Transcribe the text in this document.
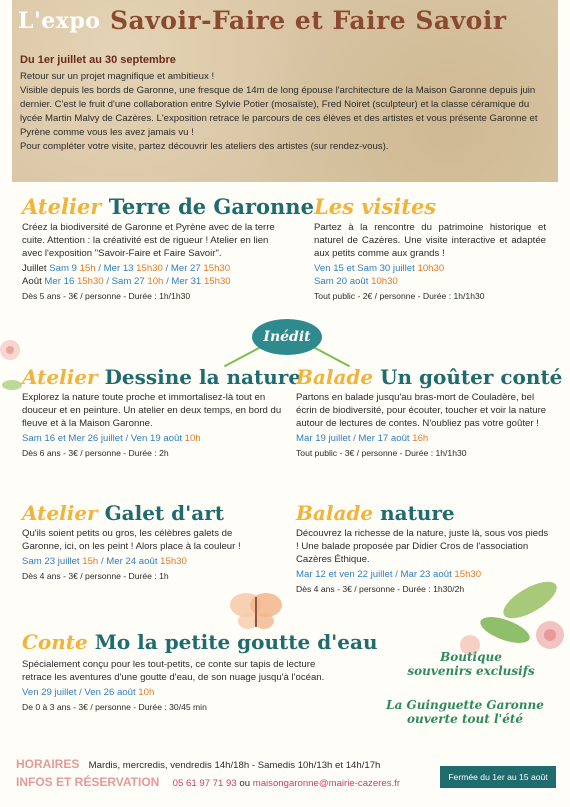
L'expo Savoir-Faire et Faire Savoir
Du 1er juillet au 30 septembre

Retour sur un projet magnifique et ambitieux !

Visible depuis les bords de Garonne, une fresque de 14m de long épouse l'architecture de la Maison Garonne depuis juin dernier. C'est le fruit d'une collaboration entre Sylvie Potier (mosaïste), Fred Noiret (sculpteur) et la classe céramique du lycée Martin Malvy de Cazères. L'exposition retrace le parcours de ces élèves et des artistes et vous présente Garonne et Pyrène comme vous les avez jamais vu !

Pour compléter votre visite, partez découvrir les ateliers des artistes (sur rendez-vous).

Atelier Terre de Garonne
Créez la biodiversité de Garonne et Pyrène avec de la terre cuite. Attention : la créativité est de rigueur ! Atelier en lien avec l'exposition "Savoir-Faire et Faire Savoir".
Juillet Sam 9 15h / Mer 13 15h30 / Mer 27 15h30
Août Mer 16 15h30 / Sam 27 10h / Mer 31 15h30
Dès 5 ans - 3€ / personne - Durée : 1h/1h30
Les visites
Partez à la rencontre du patrimoine historique et naturel de Cazères. Une visite interactive et adaptée aux petits comme aux grands !
Ven 15 et Sam 30 juillet 10h30
Sam 20 août 10h30
Tout public - 2€ / personne - Durée : 1h/1h30
Inédit
Atelier Dessine la nature
Explorez la nature toute proche et immortalisez-là tout en douceur et en peinture. Un atelier en deux temps, en bord du fleuve et à la Maison Garonne.
Sam 16 et Mer 26 juillet / Ven 19 août 10h
Dès 6 ans - 3€ / personne - Durée : 2h
Balade Un goûter conté
Partons en balade jusqu'au bras-mort de Couladère, bel écrin de biodiversité, pour écouter, toucher et voir la nature autour de lectures de contes. N'oubliez pas votre goûter !
Mar 19 juillet / Mer 17 août 16h
Tout public - 3€ / personne - Durée : 1h/1h30
Atelier Galet d'art
Qu'ils soient petits ou gros, les célèbres galets de Garonne, ici, on les peint ! Alors place à la couleur !
Sam 23 juillet 15h / Mer 24 août 15h30
Dès 4 ans - 3€ / personne - Durée : 1h
Balade nature
Découvrez la richesse de la nature, juste là, sous vos pieds ! Une balade proposée par Didier Cros de l'association Cazères Éthique.
Mar 12 et ven 22 juillet / Mar 23 août 15h30
Dès 4 ans - 3€ / personne - Durée : 1h30/2h
Conte Mo la petite goutte d'eau
Spécialement conçu pour les tout-petits, ce conte sur tapis de lecture retrace les aventures d'une goutte d'eau, de son nuage jusqu'à l'océan.
Ven 29 juillet / Ven 26 août 10h
De 0 à 3 ans - 3€ / personne - Durée : 30/45 min
Boutique
souvenirs exclusifs
La Guinguette Garonne
ouverte tout l'été
HORAIRES Mardis, mercredis, vendredis 14h/18h - Samedis 10h/13h et 14h/17h
INFOS ET RÉSERVATION 05 61 97 71 93 ou maisongaronne@mairie-cazeres.fr
Fermée du 1er au 15 août
